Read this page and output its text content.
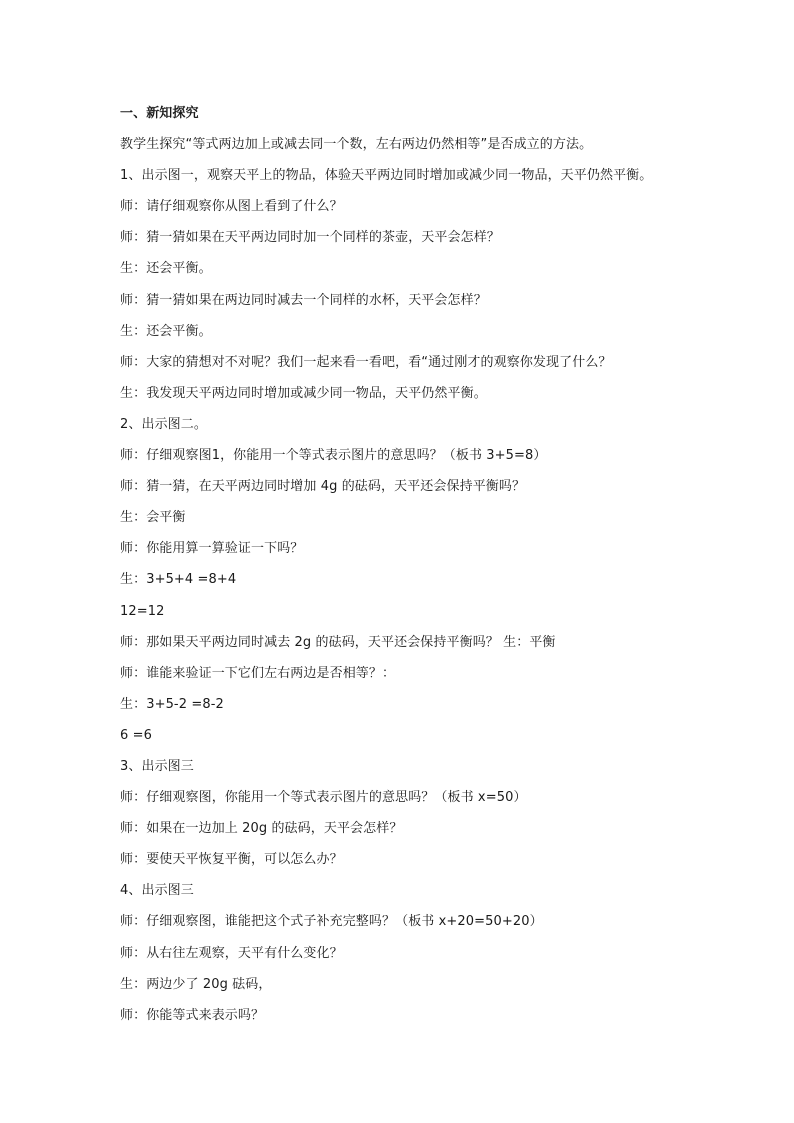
一、新知探究
教学生探究“等式两边加上或减去同一个数，左右两边仍然相等”是否成立的方法。
1、出示图一，观察天平上的物品，体验天平两边同时增加或减少同一物品，天平仍然平衡。
师：请仔细观察你从图上看到了什么？
师：猜一猜如果在天平两边同时加一个同样的茶壶，天平会怎样？
生：还会平衡。
师：猜一猜如果在两边同时减去一个同样的水杯，天平会怎样？
生：还会平衡。
师：大家的猜想对不对呢？我们一起来看一看吧，看“通过刚才的观察你发现了什么？
生：我发现天平两边同时增加或减少同一物品，天平仍然平衡。
2、出示图二。
师：仔细观察图1，你能用一个等式表示图片的意思吗？（板书 3+5=8）
师：猜一猜，在天平两边同时增加 4g 的砝码，天平还会保持平衡吗？
生：会平衡
师：你能用算一算验证一下吗？
生：3+5+4 =8+4
12=12
师：那如果天平两边同时减去 2g 的砝码，天平还会保持平衡吗？ 生：平衡
师：谁能来验证一下它们左右两边是否相等？：
生：3+5-2 =8-2
6 =6
3、出示图三
师：仔细观察图，你能用一个等式表示图片的意思吗？（板书 x=50）
师：如果在一边加上 20g 的砝码，天平会怎样？
师：要使天平恢复平衡，可以怎么办？
4、出示图三
师：仔细观察图，谁能把这个式子补充完整吗？（板书 x+20=50+20）
师：从右往左观察，天平有什么变化？
生：两边少了 20g 砝码，
师：你能等式来表示吗？
